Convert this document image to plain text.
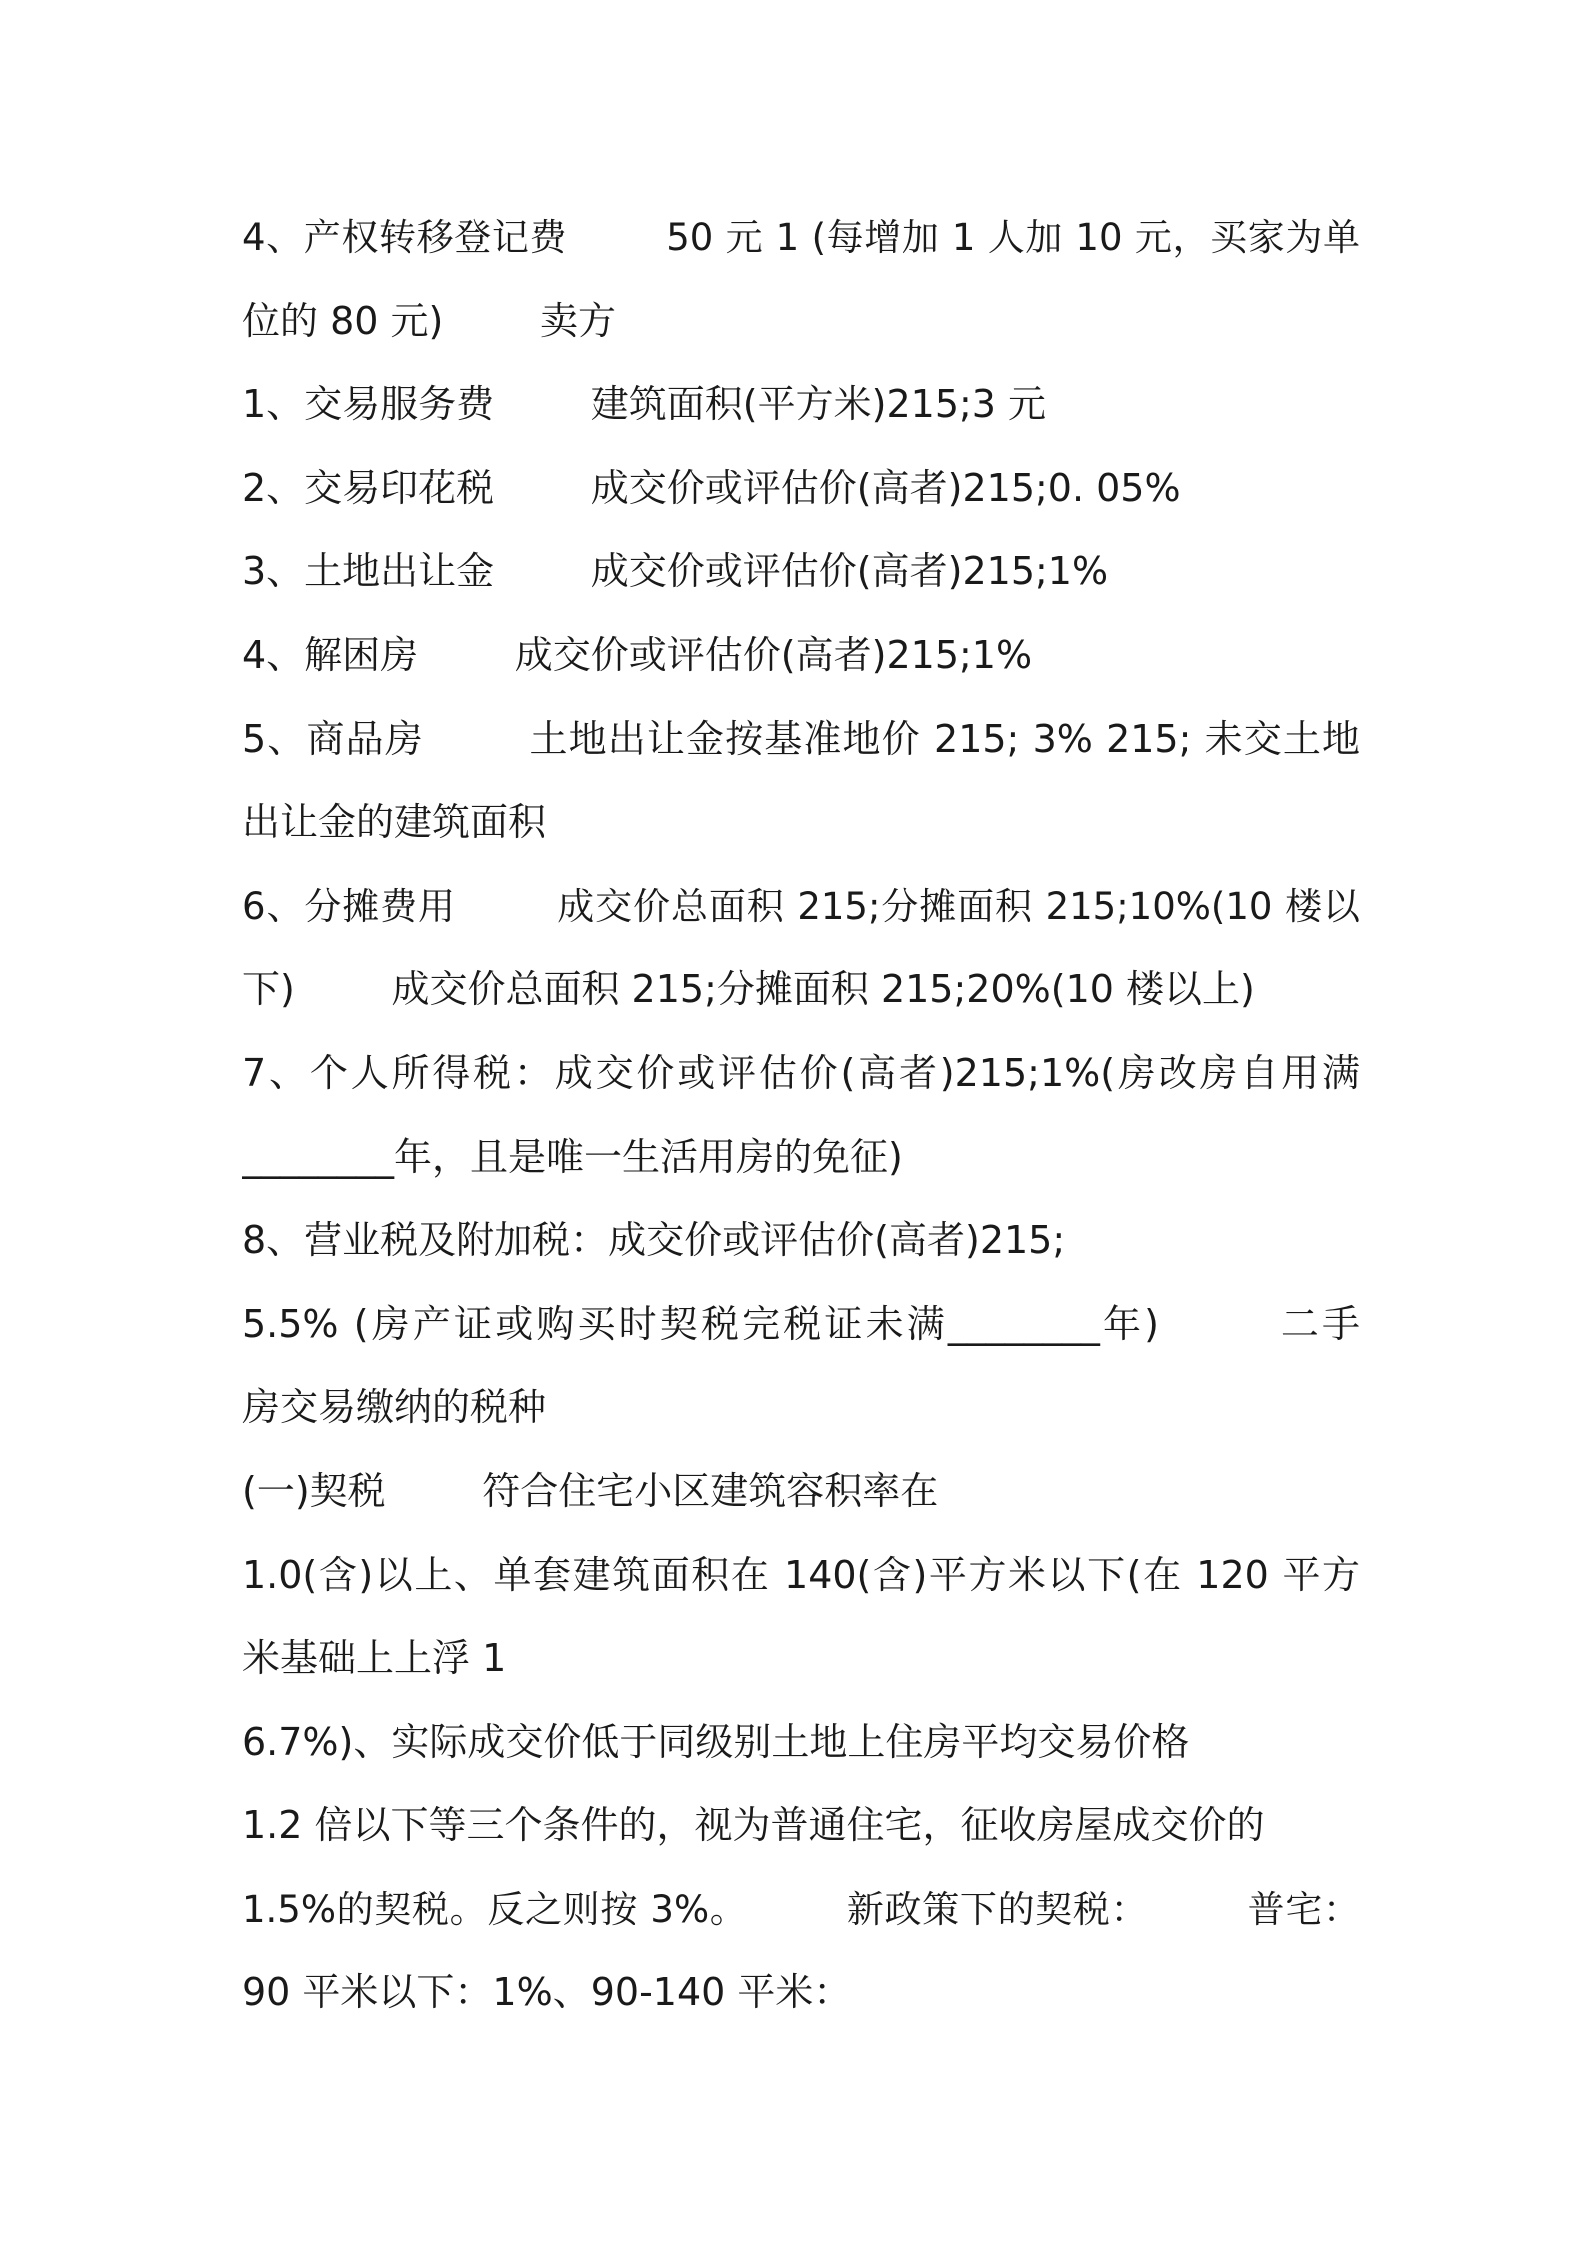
4、产权转移登记费        50 元 1 (每增加 1 人加 10 元，买家为单
位的 80 元)        卖方
1、交易服务费        建筑面积(平方米)215;3 元
2、交易印花税        成交价或评估价(高者)215;0. 05%
3、土地出让金        成交价或评估价(高者)215;1%
4、解困房        成交价或评估价(高者)215;1%
5、商品房        土地出让金按基准地价 215; 3% 215; 未交土地
出让金的建筑面积
6、分摊费用        成交价总面积 215;分摊面积 215;10%(10 楼以
下)        成交价总面积 215;分摊面积 215;20%(10 楼以上)
7、个人所得税：成交价或评估价(高者)215;1%(房改房自用满
________年，且是唯一生活用房的免征)
8、营业税及附加税：成交价或评估价(高者)215;
5.5% (房产证或购买时契税完税证未满________年)        二手
房交易缴纳的税种
(一)契税        符合住宅小区建筑容积率在
1.0(含)以上、单套建筑面积在 140(含)平方米以下(在 120 平方
米基础上上浮 1
6.7%)、实际成交价低于同级别土地上住房平均交易价格
1.2 倍以下等三个条件的，视为普通住宅，征收房屋成交价的
1.5%的契税。反之则按 3%。        新政策下的契税：        普宅：
90 平米以下：1%、90-140 平米：
